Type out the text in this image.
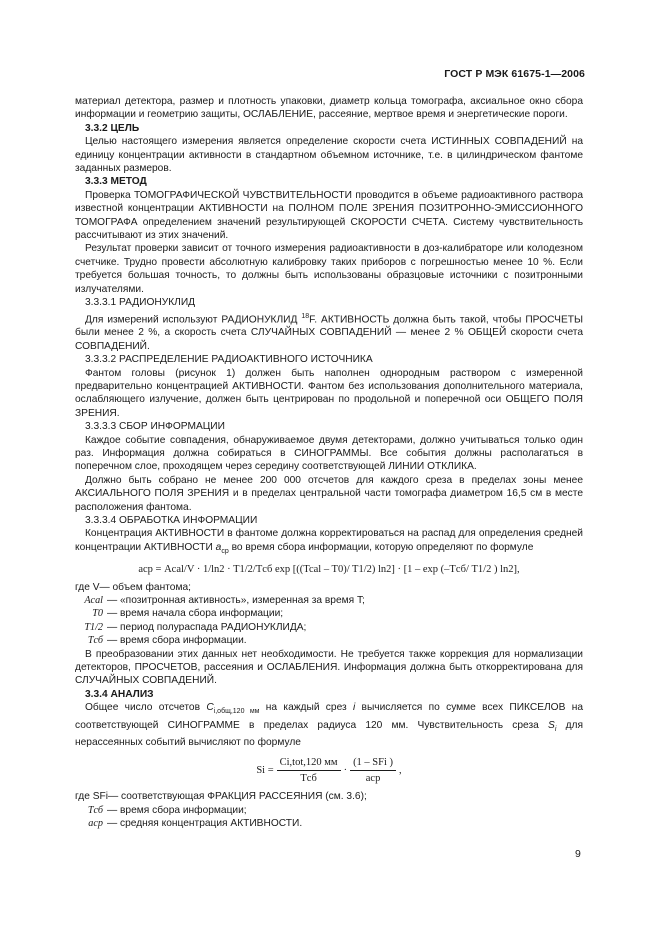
ГОСТ Р МЭК 61675-1—2006

материал детектора, размер и плотность упаковки, диаметр кольца томографа, аксиальное окно сбора информации и геометрию защиты, ОСЛАБЛЕНИЕ, рассеяние, мертвое время и энергетические пороги.

3.3.2 ЦЕЛЬ

Целью настоящего измерения является определение скорости счета ИСТИННЫХ СОВПАДЕНИЙ на единицу концентрации активности в стандартном объемном источнике, т.е. в цилиндрическом фантоме заданных размеров.

3.3.3 МЕТОД

Проверка ТОМОГРАФИЧЕСКОЙ ЧУВСТВИТЕЛЬНОСТИ проводится в объеме радиоактивного раствора известной концентрации АКТИВНОСТИ на ПОЛНОМ ПОЛЕ ЗРЕНИЯ ПОЗИТРОННО-ЭМИССИОННОГО ТОМОГРАФА определением значений результирующей СКОРОСТИ СЧЕТА. Систему чувствительность рассчитывают из этих значений.

Результат проверки зависит от точного измерения радиоактивности в доз-калибраторе или колодезном счетчике. Трудно провести абсолютную калибровку таких приборов с погрешностью менее 10 %. Если требуется большая точность, то должны быть использованы образцовые источники с позитронными излучателями.

3.3.3.1 РАДИОНУКЛИД

Для измерений используют РАДИОНУКЛИД $^{18}$F. АКТИВНОСТЬ должна быть такой, чтобы ПРОСЧЕТЫ были менее 2 %, а скорость счета СЛУЧАЙНЫХ СОВПАДЕНИЙ — менее 2 % ОБЩЕЙ скорости счета СОВПАДЕНИЙ.

3.3.3.2 РАСПРЕДЕЛЕНИЕ РАДИОАКТИВНОГО ИСТОЧНИКА

Фантом головы (рисунок 1) должен быть наполнен однородным раствором с измеренной предварительно концентрацией АКТИВНОСТИ. Фантом без использования дополнительного материала, ослабляющего излучение, должен быть центрирован по продольной и поперечной оси ОБЩЕГО ПОЛЯ ЗРЕНИЯ.

3.3.3.3 СБОР ИНФОРМАЦИИ

Каждое событие совпадения, обнаруживаемое двумя детекторами, должно учитываться только один раз. Информация должна собираться в СИНОГРАММЫ. Все события должны располагаться в поперечном слое, проходящем через середину соответствующей ЛИНИИ ОТКЛИКА.

Должно быть собрано не менее 200 000 отсчетов для каждого среза в пределах зоны менее АКСИАЛЬНОГО ПОЛЯ ЗРЕНИЯ и в пределах центральной части томографа диаметром 16,5 см в месте расположения фантома.

3.3.3.4 ОБРАБОТКА ИНФОРМАЦИИ

Концентрация АКТИВНОСТИ в фантоме должна корректироваться на распад для определения средней концентрации АКТИВНОСТИ $a_{ср}$ во время сбора информации, которую определяют по формуле

aср = Acal/V · 1/ln2 · T1/2/Tсб exp [((Tcal – T0)/ T1/2) ln2] · [1 – exp (–Tсб/ T1/2 ) ln2],
где V — объем фантома;
Acal — «позитронная активность», измеренная за время T;
T0 — время начала сбора информации;
T1/2 — период полураспада РАДИОНУКЛИДА;
Tсб — время сбора информации.

В преобразовании этих данных нет необходимости. Не требуется также коррекция для нормализации детекторов, ПРОСЧЕТОВ, рассеяния и ОСЛАБЛЕНИЯ. Информация должна быть откорректирована для СЛУЧАЙНЫХ СОВПАДЕНИЙ.

3.3.4 АНАЛИЗ

Общее число отсчетов $C_{i,общ,120 мм}$ на каждый срез i вычисляется по сумме всех ПИКСЕЛОВ на соответствующей СИНОГРАММЕ в пределах радиуса 120 мм. Чувствительность среза $S_i$ для нерассеянных событий вычисляют по формуле

$Si = \frac{\text{Ci,tot,120 мм}}{\text{Tсб}} \cdot \frac{\text{(1 – SFi )}}{\text{aср}}$ ,
где SFi — соответствующая ФРАКЦИЯ РАССЕЯНИЯ (см. 3.6);
Tсб — время сбора информации;
aср — средняя концентрация АКТИВНОСТИ.
9
